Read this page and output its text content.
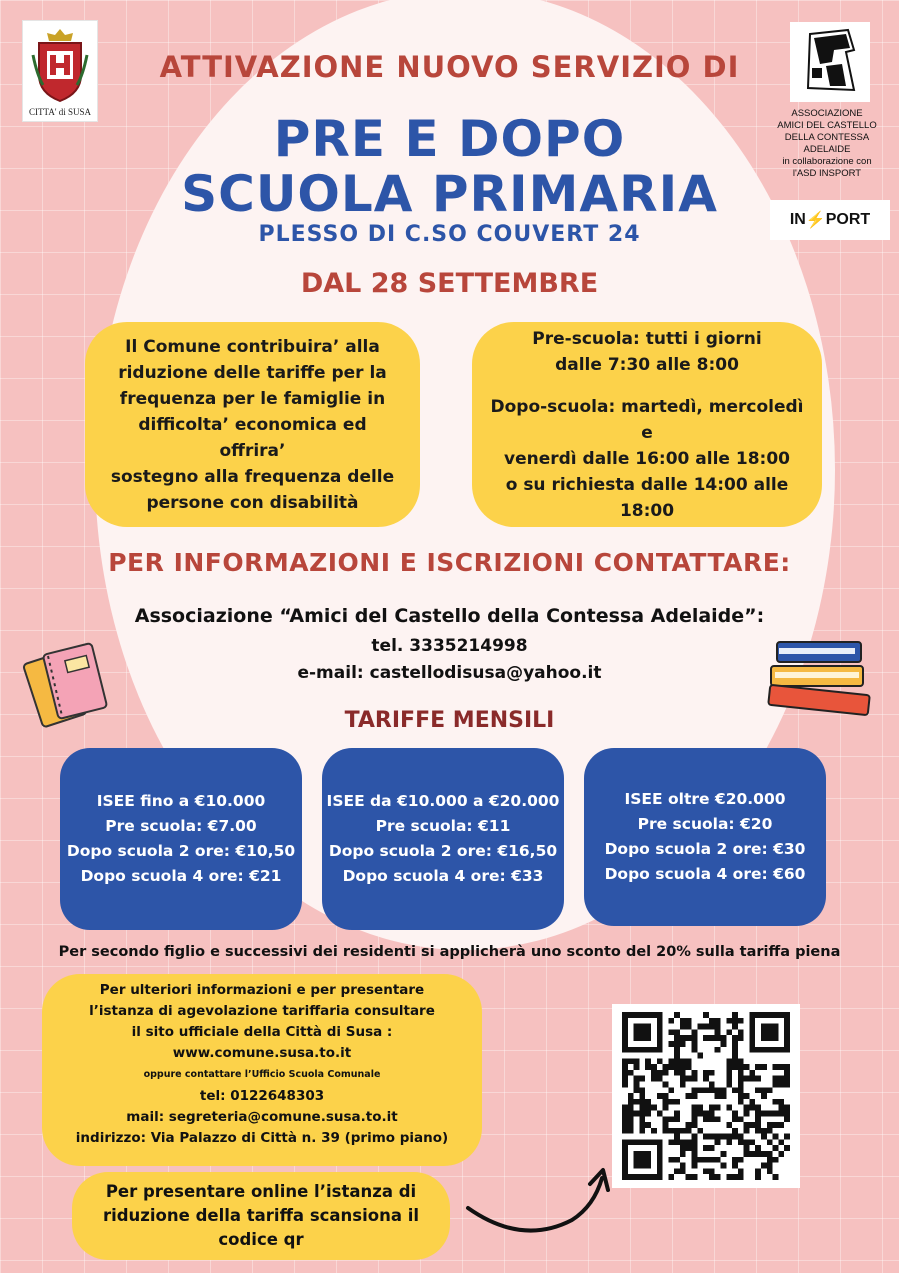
CITTA' di SUSA	ASSOCIAZIONE
AMICI DEL CASTELLO
DELLA CONTESSA
ADELAIDE
in collaborazione con
l'ASD INSPORT
IN ⚡ PORT
ATTIVAZIONE NUOVO SERVIZIO DI
PRE E DOPO
SCUOLA PRIMARIA
PLESSO DI C.SO COUVERT 24
DAL 28 SETTEMBRE
Il Comune contribuira’ alla
riduzione delle tariffe per la
frequenza per le famiglie in
difficolta’ economica ed offrira’
sostegno alla frequenza delle
persone con disabilità
Pre-scuola: tutti i giorni
dalle 7:30 alle 8:00
Dopo-scuola: martedì, mercoledì e
venerdì dalle 16:00 alle 18:00
o su richiesta dalle 14:00 alle 18:00
PER INFORMAZIONI E ISCRIZIONI CONTATTARE:
Associazione “Amici del Castello della Contessa Adelaide”:
tel. 3335214998
e-mail: castellodisusa@yahoo.it
TARIFFE MENSILI
ISEE fino a €10.000
Pre scuola: €7.00
Dopo scuola 2 ore: €10,50
Dopo scuola 4 ore: €21
ISEE da €10.000 a €20.000
Pre scuola: €11
Dopo scuola 2 ore: €16,50
Dopo scuola 4 ore: €33
ISEE oltre €20.000
Pre scuola: €20
Dopo scuola 2 ore: €30
Dopo scuola 4 ore: €60
Per secondo figlio e successivi dei residenti si applicherà uno sconto del 20% sulla tariffa piena
Per ulteriori informazioni e per presentare
l’istanza di agevolazione tariffaria consultare
il sito ufficiale della Città di Susa :
www.comune.susa.to.it
oppure contattare l’Ufficio Scuola Comunale
tel: 0122648303
mail: segreteria@comune.susa.to.it
indirizzo: Via Palazzo di Città n. 39 (primo piano)
Per presentare online l’istanza di
riduzione della tariffa scansiona il
codice qr
